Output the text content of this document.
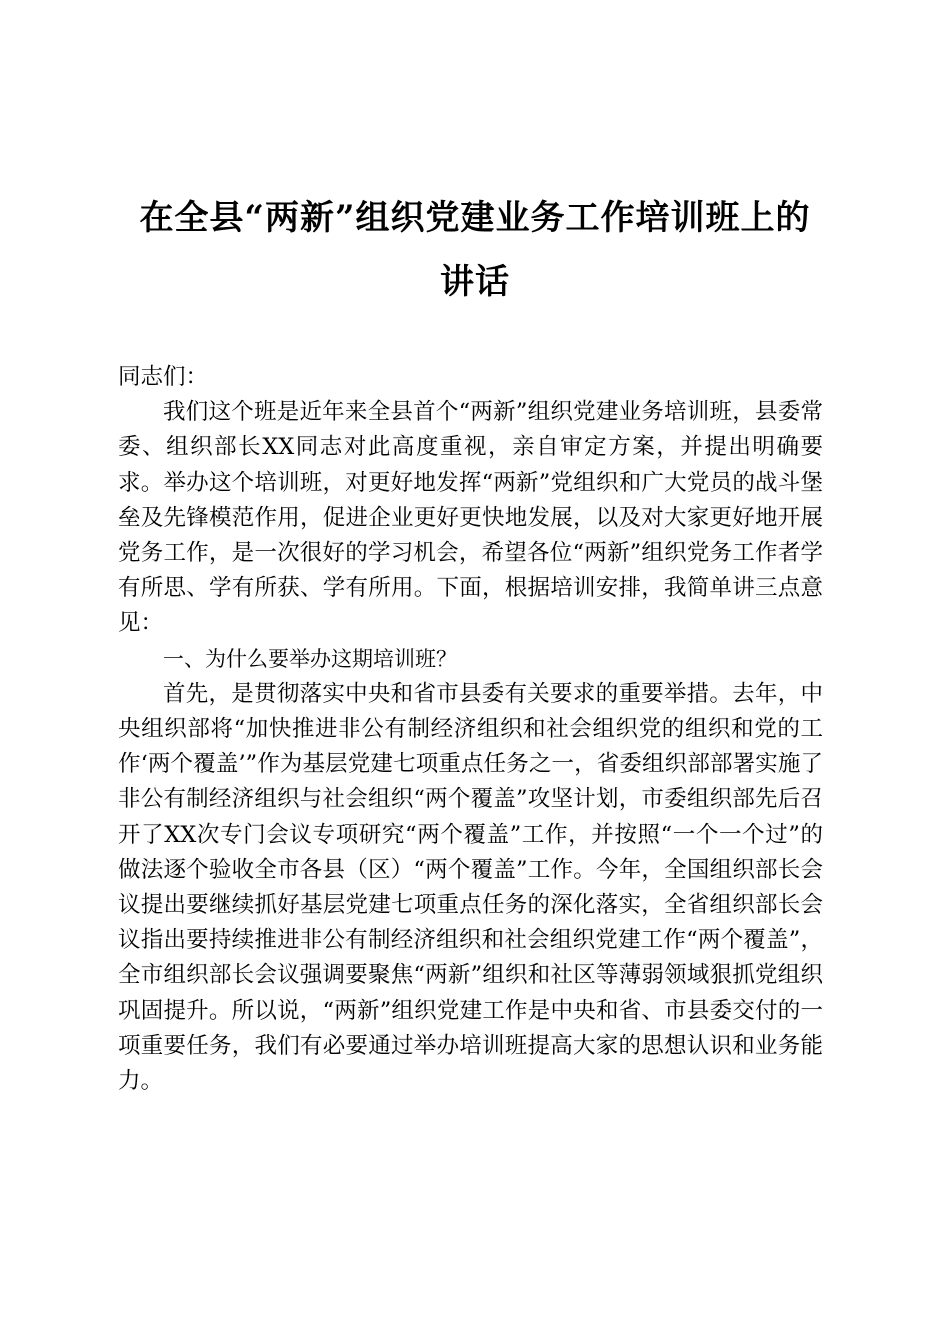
在全县“两新”组织党建业务工作培训班上的
讲话

同志们：

我们这个班是近年来全县首个“两新”组织党建业务培训班，县委常委、组织部长XX同志对此高度重视，亲自审定方案，并提出明确要求。举办这个培训班，对更好地发挥“两新”党组织和广大党员的战斗堡垒及先锋模范作用，促进企业更好更快地发展，以及对大家更好地开展党务工作，是一次很好的学习机会，希望各位“两新”组织党务工作者学有所思、学有所获、学有所用。下面，根据培训安排，我简单讲三点意见：

一、为什么要举办这期培训班？

首先，是贯彻落实中央和省市县委有关要求的重要举措。去年，中央组织部将“加快推进非公有制经济组织和社会组织党的组织和党的工作‘两个覆盖’”作为基层党建七项重点任务之一，省委组织部部署实施了非公有制经济组织与社会组织“两个覆盖”攻坚计划，市委组织部先后召开了XX次专门会议专项研究“两个覆盖”工作，并按照“一个一个过”的做法逐个验收全市各县（区）“两个覆盖”工作。今年，全国组织部长会议提出要继续抓好基层党建七项重点任务的深化落实，全省组织部长会议指出要持续推进非公有制经济组织和社会组织党建工作“两个覆盖”，全市组织部长会议强调要聚焦“两新”组织和社区等薄弱领域狠抓党组织巩固提升。所以说，“两新”组织党建工作是中央和省、市县委交付的一项重要任务，我们有必要通过举办培训班提高大家的思想认识和业务能力。
